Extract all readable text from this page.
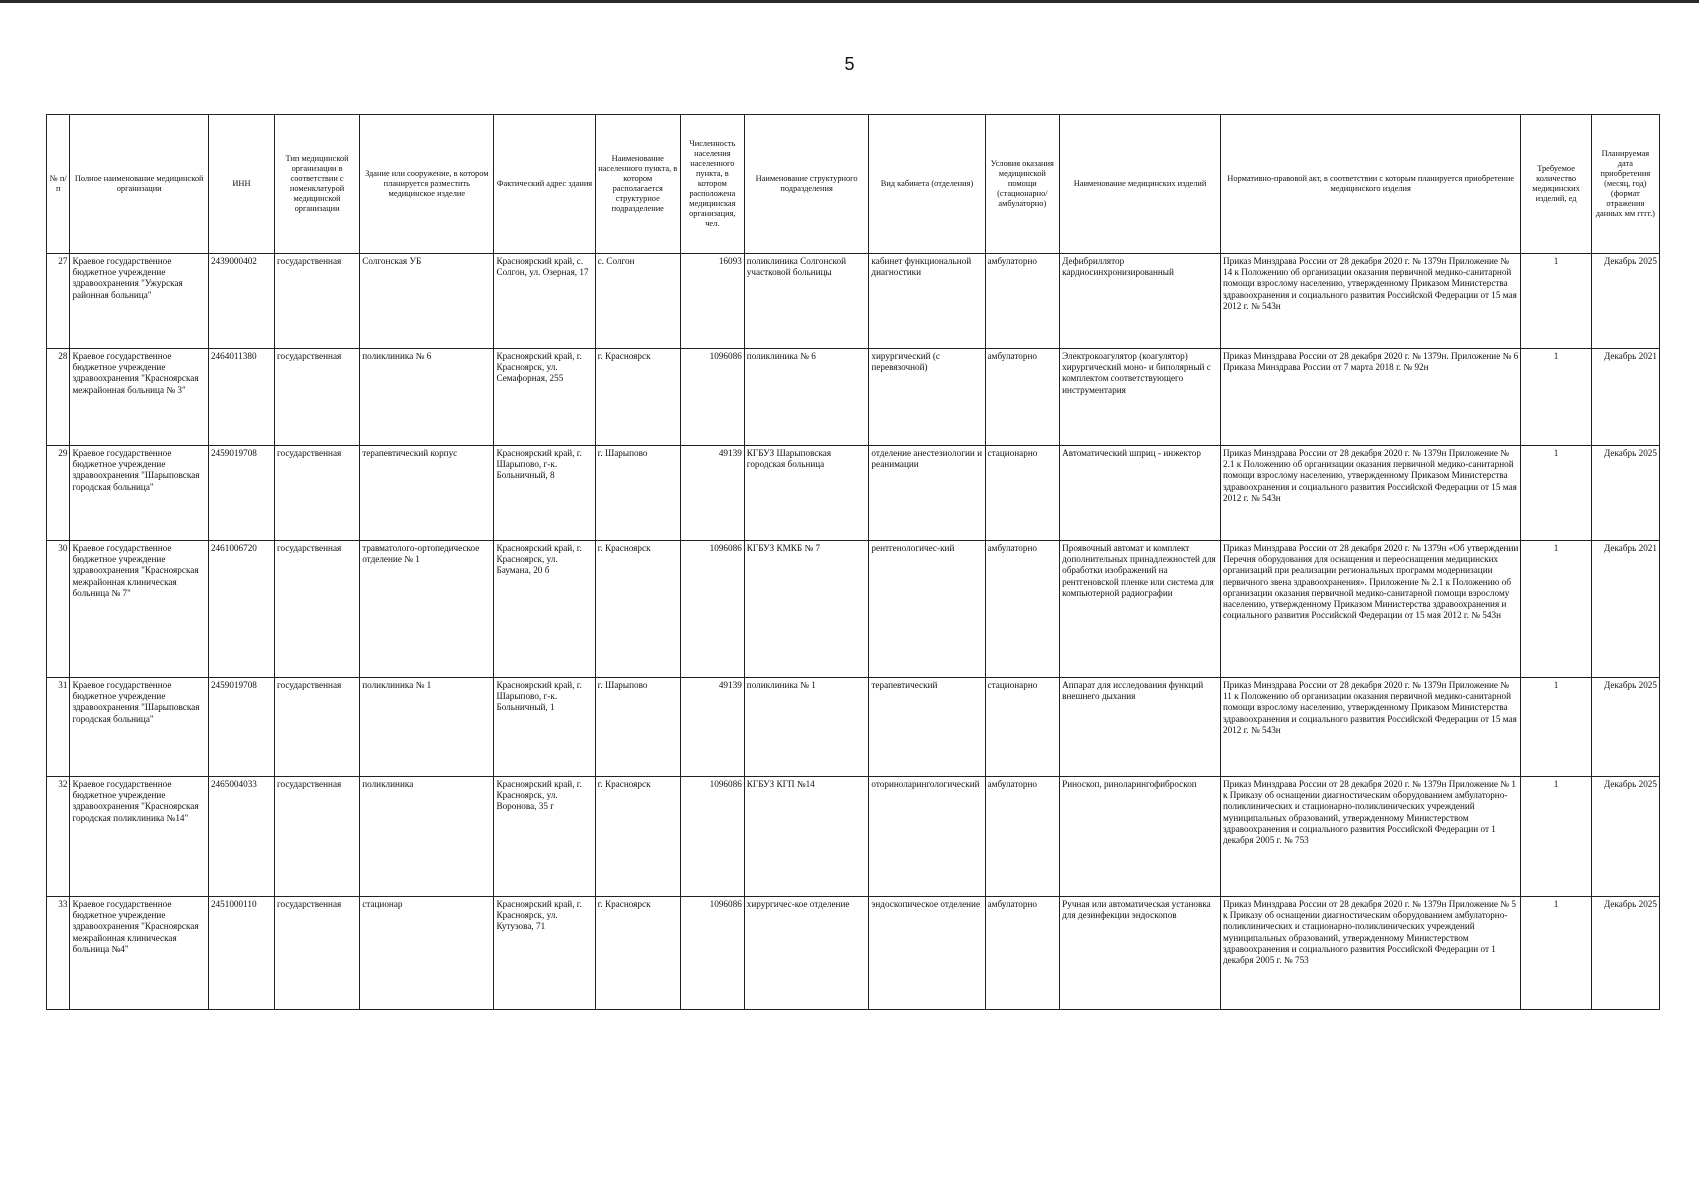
5
№ п/п	Полное наименование медицинской организации	ИНН	Тип медицинской организации в соответствии с номенклатурой медицинской организации	Здание или сооружение, в котором планируется разместить медицинское изделие	Фактический адрес здания	Наименование населенного пункта, в котором располагается структурное подразделение	Численность населения населенного пункта, в котором расположена медицинская организация, чел.	Наименование структурного подразделения	Вид кабинета (отделения)	Условия оказания медицинской помощи (стационарно/амбулаторно)	Наименование медицинских изделий	Нормативно-правовой акт, в соответствии с которым планируется приобретение медицинского изделия	Требуемое количество медицинских изделий, ед	Планируемая дата приобретения (месяц, год) (формат отражения данных мм гггг.)
27	Краевое государственное бюджетное учреждение здравоохранения "Ужурская районная больница"	2439000402	государственная	Солгонская УБ	Красноярский край, с. Солгон, ул. Озерная, 17	с. Солгон	16093	поликлиника Солгонской участковой больницы	кабинет функциональной диагностики	амбулаторно	Дефибриллятор кардиосинхронизированный	Приказ Минздрава России от 28 декабря 2020 г. № 1379н Приложение № 14 к Положению об организации оказания первичной медико-санитарной помощи взрослому населению, утвержденному Приказом Министерства здравоохранения и социального развития Российской Федерации от 15 мая 2012 г. № 543н	1	Декабрь 2025
28	Краевое государственное бюджетное учреждение здравоохранения "Красноярская межрайонная больница № 3"	2464011380	государственная	поликлиника № 6	Красноярский край, г. Красноярск, ул. Семафорная, 255	г. Красноярск	1096086	поликлиника № 6	хирургический (с перевязочной)	амбулаторно	Электрокоагулятор (коагулятор) хирургический моно- и биполярный с комплектом соответствующего инструментария	Приказ Минздрава России от 28 декабря 2020 г. № 1379н. Приложение № 6 Приказа Минздрава России от 7 марта 2018 г. № 92н	1	Декабрь 2021
29	Краевое государственное бюджетное учреждение здравоохранения "Шарыповская городская больница"	2459019708	государственная	терапевтический корпус	Красноярский край, г. Шарыпово, г-к. Больничный, 8	г. Шарыпово	49139	КГБУЗ Шарыповская городская больница	отделение анестезиологии и реанимации	стационарно	Автоматический шприц - инжектор	Приказ Минздрава России от 28 декабря 2020 г. № 1379н Приложение № 2.1 к Положению об организации оказания первичной медико-санитарной помощи взрослому населению, утвержденному Приказом Министерства здравоохранения и социального развития Российской Федерации от 15 мая 2012 г. № 543н	1	Декабрь 2025
30	Краевое государственное бюджетное учреждение здравоохранения "Красноярская межрайонная клиническая больница № 7"	2461006720	государственная	травматолого-ортопедическое отделение № 1	Красноярский край, г. Красноярск, ул. Баумана, 20 б	г. Красноярск	1096086	КГБУЗ КМКБ № 7	рентгенологичес-кий	амбулаторно	Проявочный автомат и комплект дополнительных принадлежностей для обработки изображений на рентгеновской пленке или система для компьютерной радиографии	Приказ Минздрава России от 28 декабря 2020 г. № 1379н «Об утверждении Перечня оборудования для оснащения и переоснащения медицинских организаций при реализации региональных программ модернизации первичного звена здравоохранения». Приложение № 2.1 к Положению об организации оказания первичной медико-санитарной помощи взрослому населению, утвержденному Приказом Министерства здравоохранения и социального развития Российской Федерации от 15 мая 2012 г. № 543н	1	Декабрь 2021
31	Краевое государственное бюджетное учреждение здравоохранения "Шарыповская городская больница"	2459019708	государственная	поликлиника № 1	Красноярский край, г. Шарыпово, г-к. Больничный, 1	г. Шарыпово	49139	поликлиника № 1	терапевтический	стационарно	Аппарат для исследования функций внешнего дыхания	Приказ Минздрава России от 28 декабря 2020 г. № 1379н Приложение № 11 к Положению об организации оказания первичной медико-санитарной помощи взрослому населению, утвержденному Приказом Министерства здравоохранения и социального развития Российской Федерации от 15 мая 2012 г. № 543н	1	Декабрь 2025
32	Краевое государственное бюджетное учреждение здравоохранения "Красноярская городская поликлиника №14"	2465004033	государственная	поликлиника	Красноярский край, г. Красноярск, ул. Воронова, 35 г	г. Красноярск	1096086	КГБУЗ КГП №14	оториноларингологический	амбулаторно	Риноскоп, риноларингофиброскоп	Приказ Минздрава России от 28 декабря 2020 г. № 1379н Приложение № 1 к Приказу об оснащении диагностическим оборудованием амбулаторно-поликлинических и стационарно-поликлинических учреждений муниципальных образований, утвержденному Министерством здравоохранения и социального развития Российской Федерации от 1 декабря 2005 г. № 753	1	Декабрь 2025
33	Краевое государственное бюджетное учреждение здравоохранения "Красноярская межрайонная клиническая больница №4"	2451000110	государственная	стационар	Красноярский край, г. Красноярск, ул. Кутузова, 71	г. Красноярск	1096086	хирургичес-кое отделение	эндоскопическое отделение	амбулаторно	Ручная или автоматическая установка для дезинфекции эндоскопов	Приказ Минздрава России от 28 декабря 2020 г. № 1379н Приложение № 5 к Приказу об оснащении диагностическим оборудованием амбулаторно-поликлинических и стационарно-поликлинических учреждений муниципальных образований, утвержденному Министерством здравоохранения и социального развития Российской Федерации от 1 декабря 2005 г. № 753	1	Декабрь 2025
